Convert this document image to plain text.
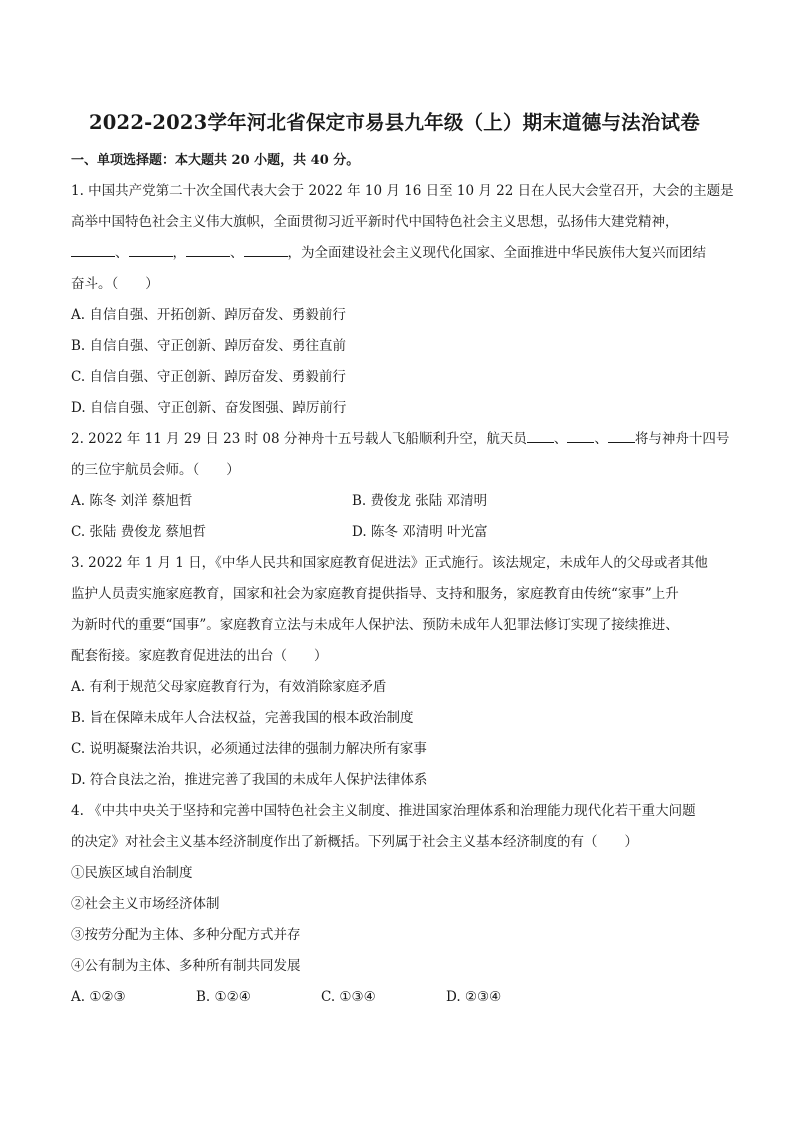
2022-2023学年河北省保定市易县九年级（上）期末道德与法治试卷
一、单项选择题：本大题共 20 小题，共 40 分。
1. 中国共产党第二十次全国代表大会于 2022 年 10 月 16 日至 10 月 22 日在人民大会堂召开，大会的主题是
高举中国特色社会主义伟大旗帜，全面贯彻习近平新时代中国特色社会主义思想，弘扬伟大建党精神，
、	，	、	，为全面建设社会主义现代化国家、全面推进中华民族伟大复兴而团结
奋斗。（　　）
A. 自信自强、开拓创新、踔厉奋发、勇毅前行
B. 自信自强、守正创新、踔厉奋发、勇往直前
C. 自信自强、守正创新、踔厉奋发、勇毅前行
D. 自信自强、守正创新、奋发图强、踔厉前行
2. 2022 年 11 月 29 日 23 时 08 分神舟十五号载人飞船顺利升空，航天员 、 、 将与神舟十四号
的三位宇航员会师。（　　）
A. 陈冬 刘洋 蔡旭哲	B. 费俊龙 张陆 邓清明
C. 张陆 费俊龙 蔡旭哲	D. 陈冬 邓清明 叶光富
3. 2022 年 1 月 1 日，《中华人民共和国家庭教育促进法》正式施行。该法规定，未成年人的父母或者其他
监护人员责实施家庭教育，国家和社会为家庭教育提供指导、支持和服务，家庭教育由传统“家事”上升
为新时代的重要“国事”。家庭教育立法与未成年人保护法、预防未成年人犯罪法修订实现了接续推进、
配套衔接。家庭教育促进法的出台（　　）
A. 有利于规范父母家庭教育行为，有效消除家庭矛盾
B. 旨在保障未成年人合法权益，完善我国的根本政治制度
C. 说明凝聚法治共识，必须通过法律的强制力解决所有家事
D. 符合良法之治，推进完善了我国的未成年人保护法律体系
4. 《中共中央关于坚持和完善中国特色社会主义制度、推进国家治理体系和治理能力现代化若干重大问题
的决定》对社会主义基本经济制度作出了新概括。下列属于社会主义基本经济制度的有（　　）
①民族区域自治制度
②社会主义市场经济体制
③按劳分配为主体、多种分配方式并存
④公有制为主体、多种所有制共同发展
A. ①②③	B. ①②④	C. ①③④	D. ②③④
